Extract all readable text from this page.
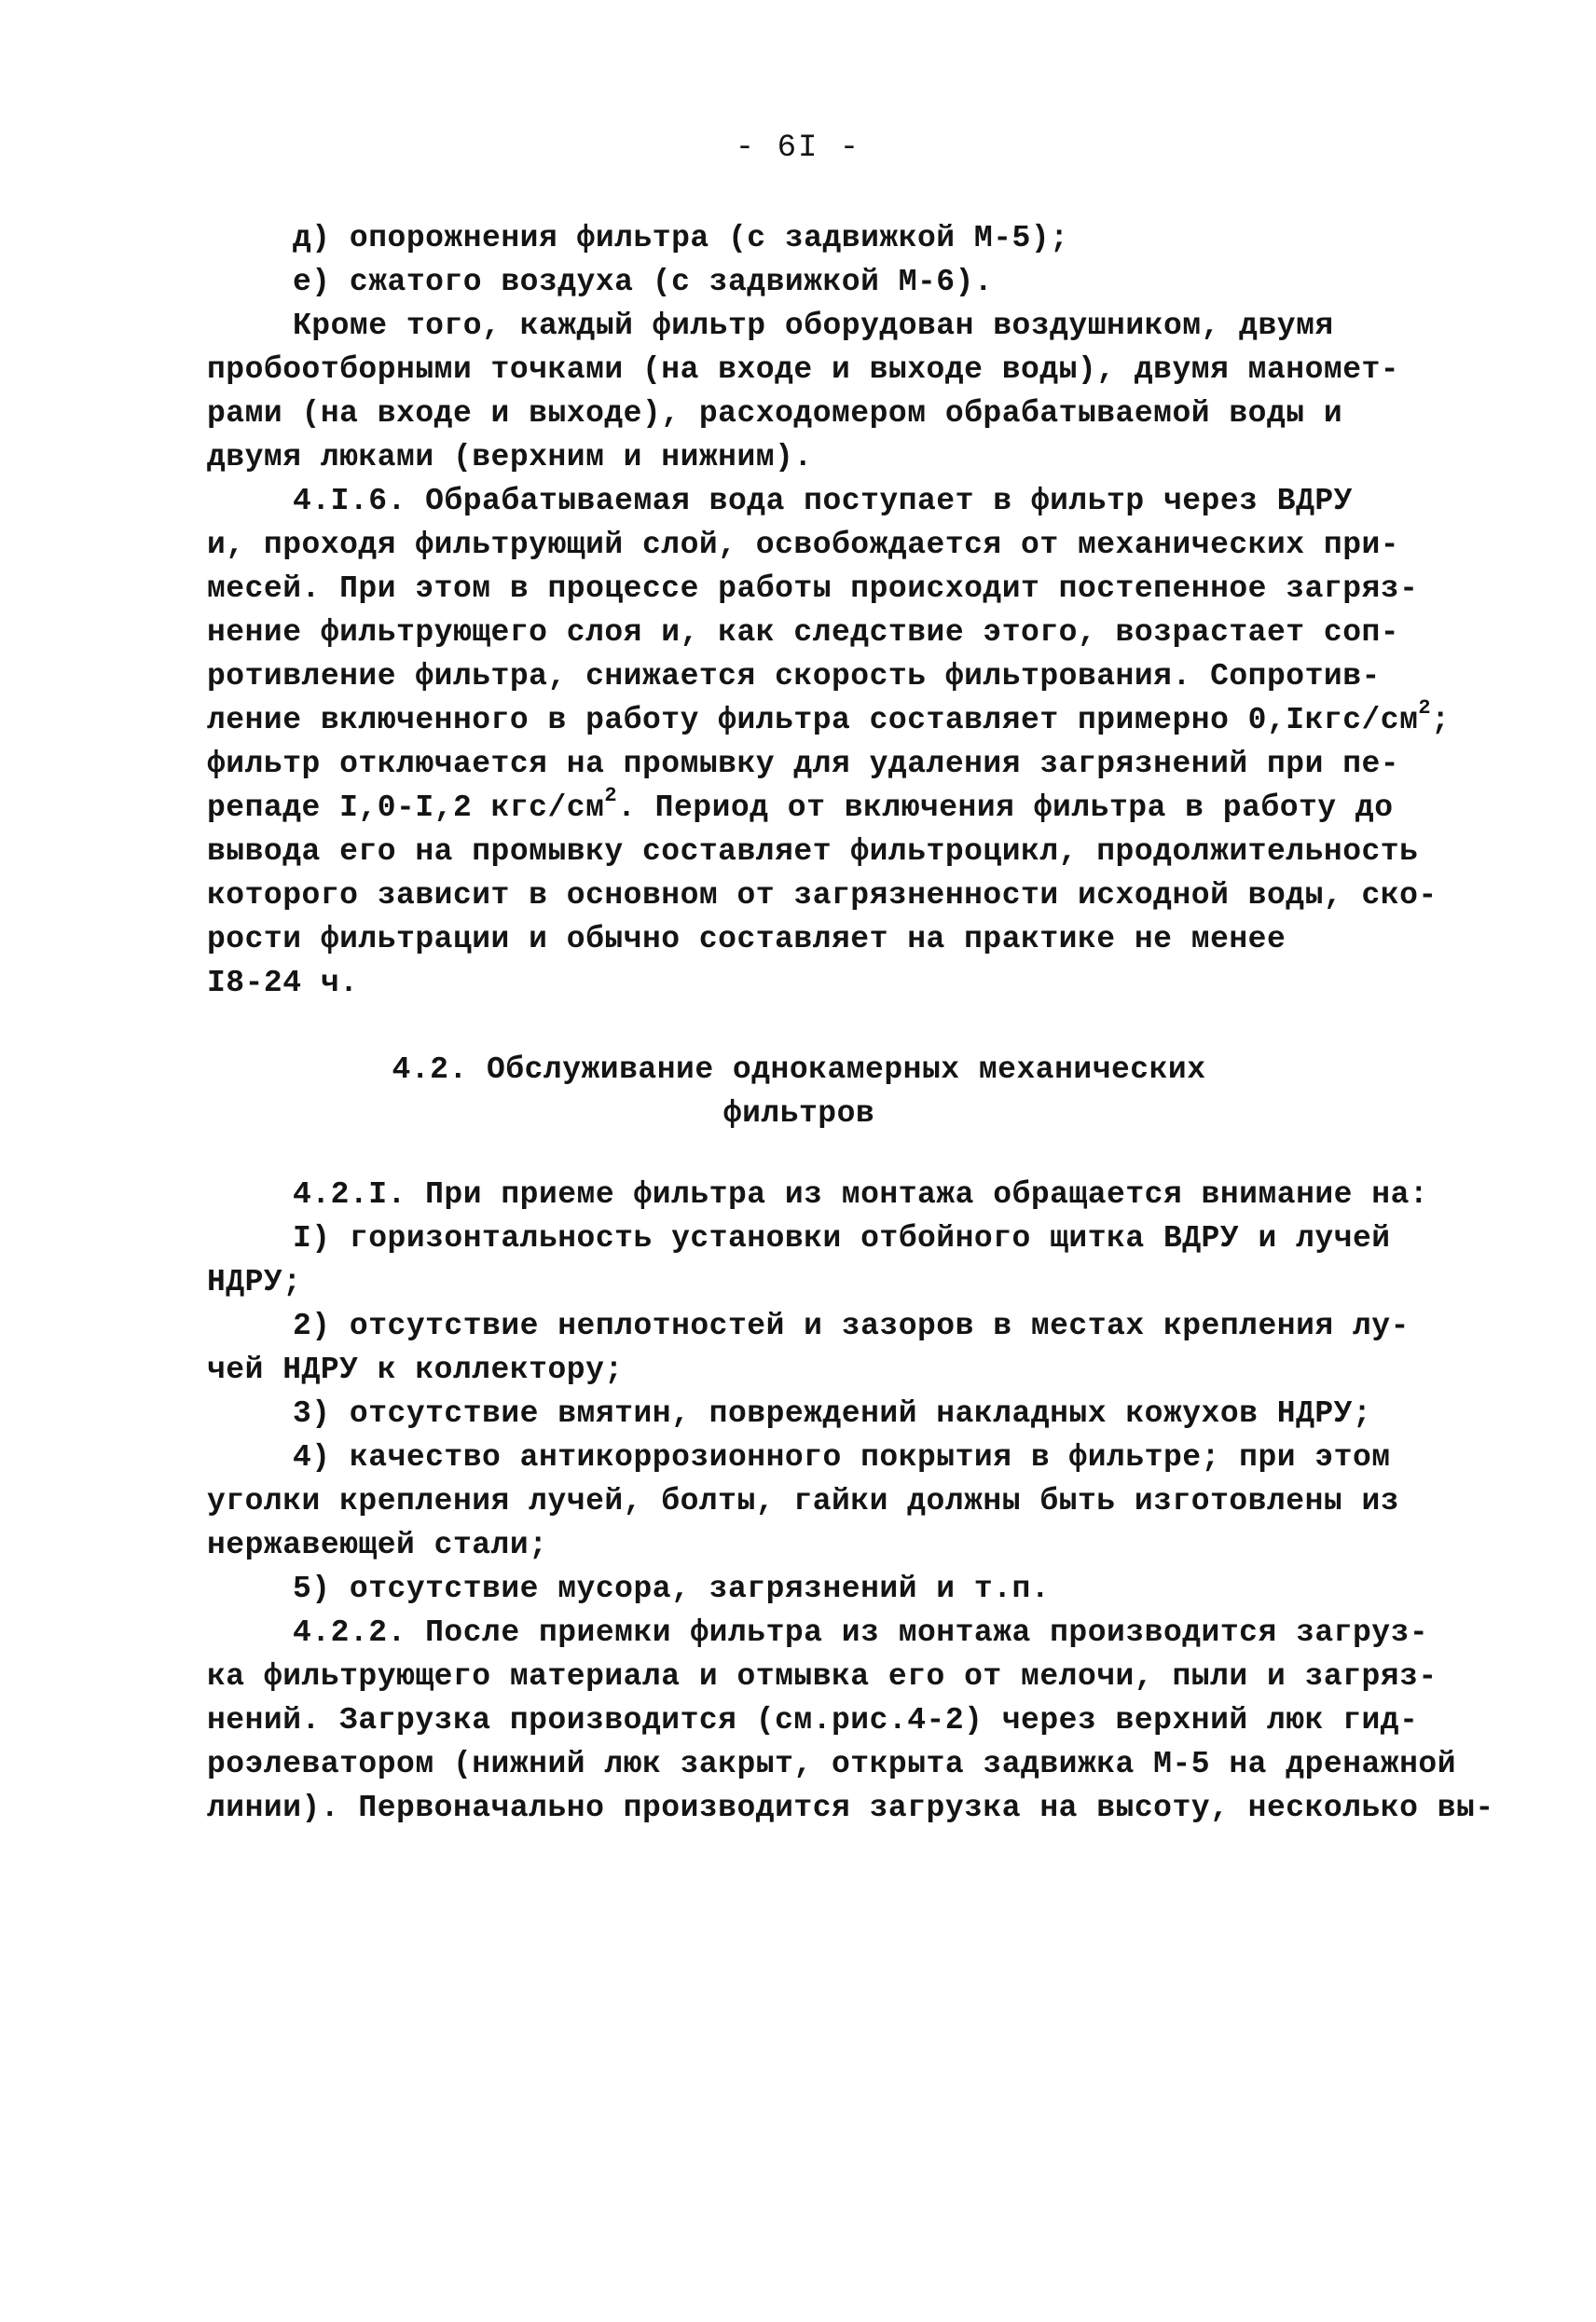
- 6I -
д) опорожнения фильтра (с задвижкой М-5);
е) сжатого воздуха (с задвижкой М-6).
Кроме того, каждый фильтр оборудован воздушником, двумя
пробоотборными точками (на входе и выходе воды), двумя маномет-
рами (на входе и выходе), расходомером обрабатываемой воды и
двумя люками (верхним и нижним).
4.I.6. Обрабатываемая вода поступает в фильтр через ВДРУ
и, проходя фильтрующий слой, освобождается от механических при-
месей. При этом в процессе работы происходит постепенное загряз-
нение фильтрующего слоя и, как следствие этого, возрастает соп-
ротивление фильтра, снижается скорость фильтрования. Сопротив-
ление включенного в работу фильтра составляет примерно $0,Iкгс/см^2$;
фильтр отключается на промывку для удаления загрязнений при пе-
репаде I,0-I,2 кгс/$см^2$. Период от включения фильтра в работу до
вывода его на промывку составляет фильтроцикл, продолжительность
которого зависит в основном от загрязненности исходной воды, ско-
рости фильтрации и обычно составляет на практике не менее
I8-24 ч.
4.2. Обслуживание однокамерных механических
фильтров
4.2.I. При приеме фильтра из монтажа обращается внимание на:
I) горизонтальность установки отбойного щитка ВДРУ и лучей
НДРУ;
2) отсутствие неплотностей и зазоров в местах крепления лу-
чей НДРУ к коллектору;
3) отсутствие вмятин, повреждений накладных кожухов НДРУ;
4) качество антикоррозионного покрытия в фильтре; при этом
уголки крепления лучей, болты, гайки должны быть изготовлены из
нержавеющей стали;
5) отсутствие мусора, загрязнений и т.п.
4.2.2. После приемки фильтра из монтажа производится загруз-
ка фильтрующего материала и отмывка его от мелочи, пыли и загряз-
нений. Загрузка производится (см.рис.4-2) через верхний люк гид-
роэлеватором (нижний люк закрыт, открыта задвижка М-5 на дренажной
линии). Первоначально производится загрузка на высоту, несколько вы-
